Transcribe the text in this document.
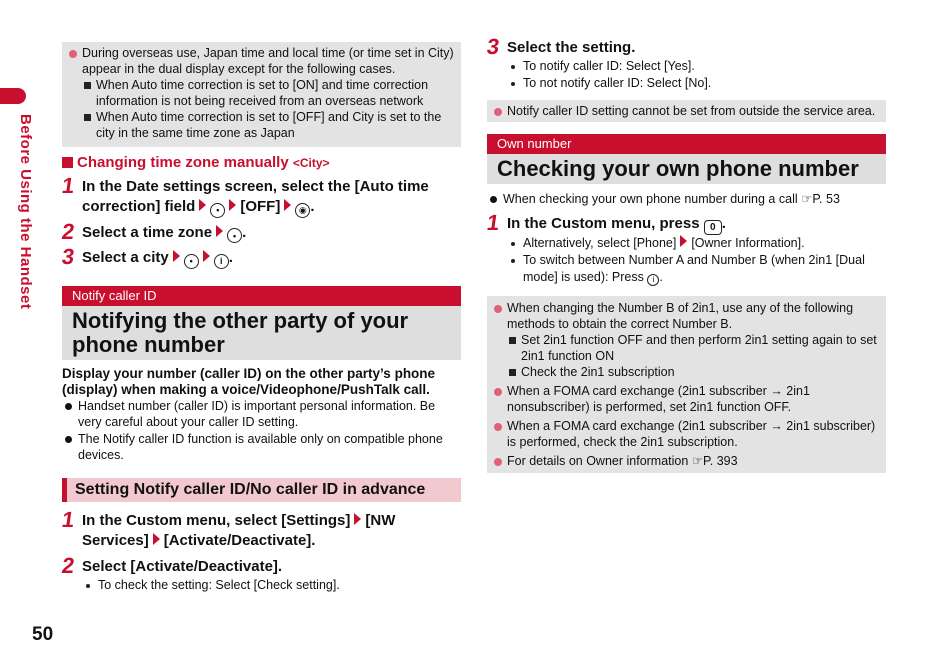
Before Using the Handset
50

During overseas use, Japan time and local time (or time set in City) appear in the dual display except for the following cases.

When Auto time correction is set to [ON] and time correction information is not being received from an overseas network

When Auto time correction is set to [OFF] and City is set to the city in the same time zone as Japan

Changing time zone manually <City>

1 In the Date settings screen, select the [Auto time correction] field • [OFF] ◉ .

2 Select a time zone • .

3 Select a city •	i .

Notify caller ID
Notifying the other party of your phone number

Display your number (caller ID) on the other party’s phone (display) when making a voice/Videophone/PushTalk call.

Handset number (caller ID) is important personal information. Be very careful about your caller ID setting.

The Notify caller ID function is available only on compatible phone devices.

Setting Notify caller ID/No caller ID in advance

1 In the Custom menu, select [Settings] [NW Services] [Activate/Deactivate].

2 Select [Activate/Deactivate].

To check the setting: Select [Check setting].

3 Select the setting.

To notify caller ID: Select [Yes].

To not notify caller ID: Select [No].

Notify caller ID setting cannot be set from outside the service area.

Own number
Checking your own phone number

When checking your own phone number during a call ☞P. 53

1 In the Custom menu, press 0 .

Alternatively, select [Phone] [Owner Information].

To switch between Number A and Number B (when 2in1 [Dual mode] is used): Press i .

When changing the Number B of 2in1, use any of the following methods to obtain the correct Number B.

Set 2in1 function OFF and then perform 2in1 setting again to set 2in1 function ON

Check the 2in1 subscription

When a FOMA card exchange (2in1 subscriber → 2in1 nonsubscriber) is performed, set 2in1 function OFF.

When a FOMA card exchange (2in1 subscriber → 2in1 subscriber) is performed, check the 2in1 subscription.

For details on Owner information ☞P. 393
